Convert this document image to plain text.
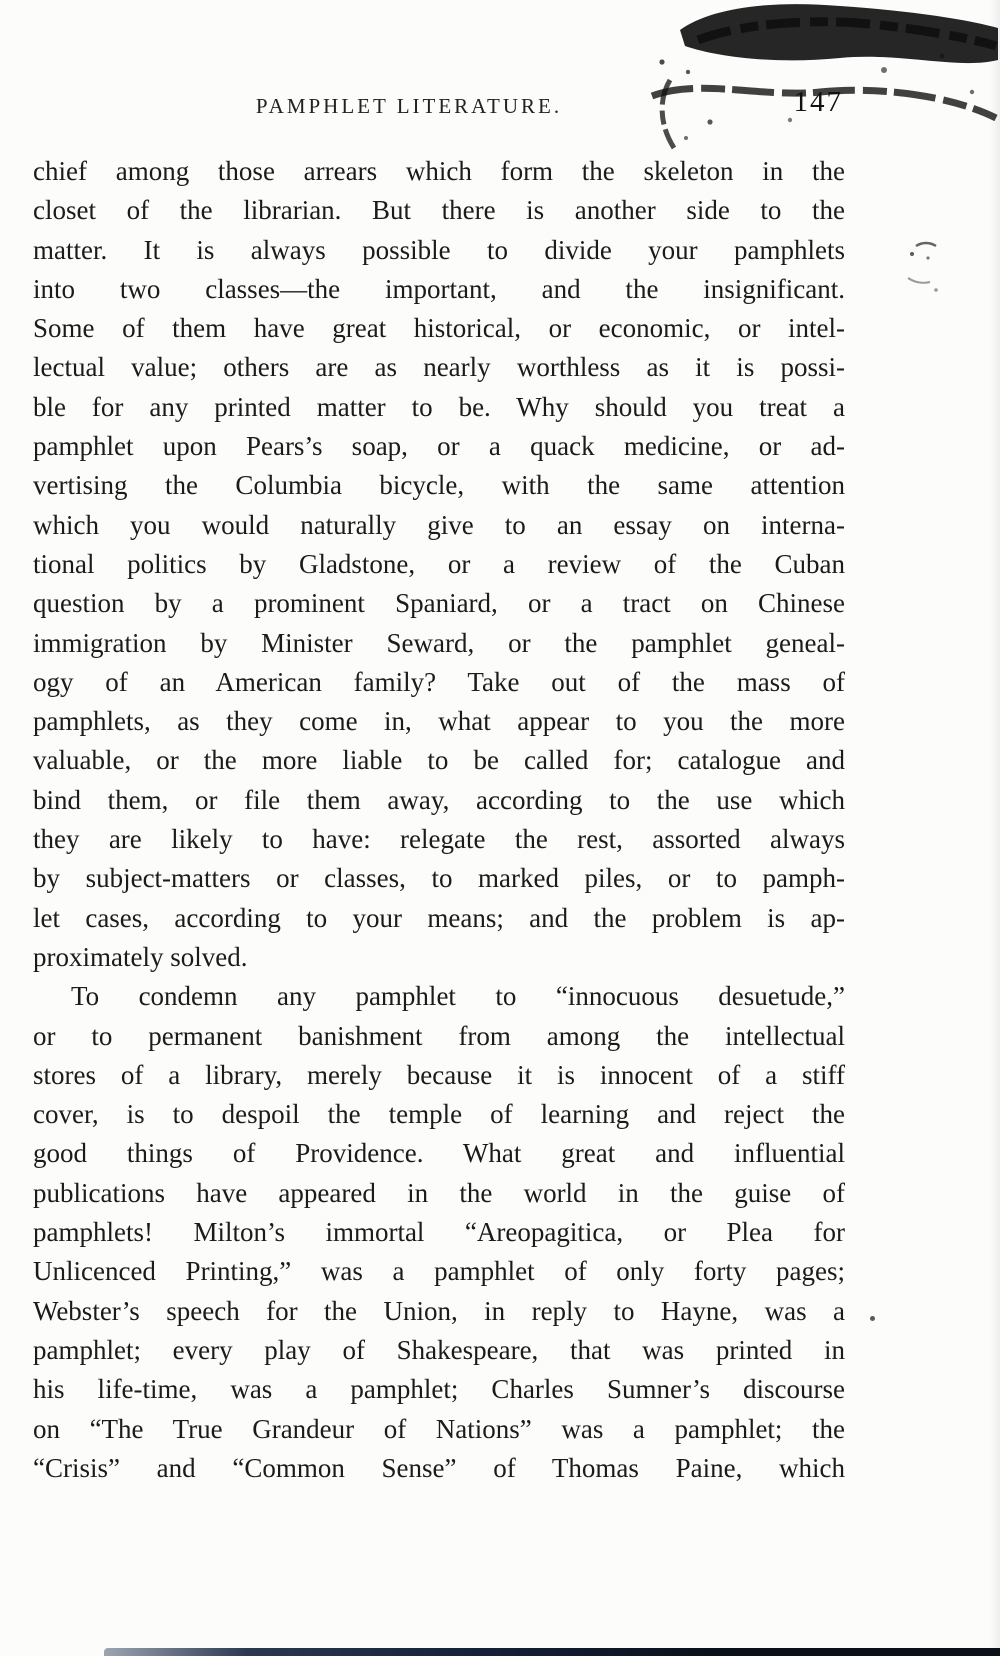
PAMPHLET LITERATURE.	147
chief among those arrears which form the skeleton in the
closet of the librarian. But there is another side to the
matter. It is always possible to divide your pamphlets
into two classes—the important, and the insignificant.
Some of them have great historical, or economic, or intel-
lectual value; others are as nearly worthless as it is possi-
ble for any printed matter to be. Why should you treat a
pamphlet upon Pears’s soap, or a quack medicine, or ad-
vertising the Columbia bicycle, with the same attention
which you would naturally give to an essay on interna-
tional politics by Gladstone, or a review of the Cuban
question by a prominent Spaniard, or a tract on Chinese
immigration by Minister Seward, or the pamphlet geneal-
ogy of an American family? Take out of the mass of
pamphlets, as they come in, what appear to you the more
valuable, or the more liable to be called for; catalogue and
bind them, or file them away, according to the use which
they are likely to have: relegate the rest, assorted always
by subject-matters or classes, to marked piles, or to pamph-
let cases, according to your means; and the problem is ap-
proximately solved.
To condemn any pamphlet to “innocuous desuetude,”
or to permanent banishment from among the intellectual
stores of a library, merely because it is innocent of a stiff
cover, is to despoil the temple of learning and reject the
good things of Providence. What great and influential
publications have appeared in the world in the guise of
pamphlets! Milton’s immortal “Areopagitica, or Plea for
Unlicenced Printing,” was a pamphlet of only forty pages;
Webster’s speech for the Union, in reply to Hayne, was a
pamphlet; every play of Shakespeare, that was printed in
his life-time, was a pamphlet; Charles Sumner’s discourse
on “The True Grandeur of Nations” was a pamphlet; the
“Crisis” and “Common Sense” of Thomas Paine, which
